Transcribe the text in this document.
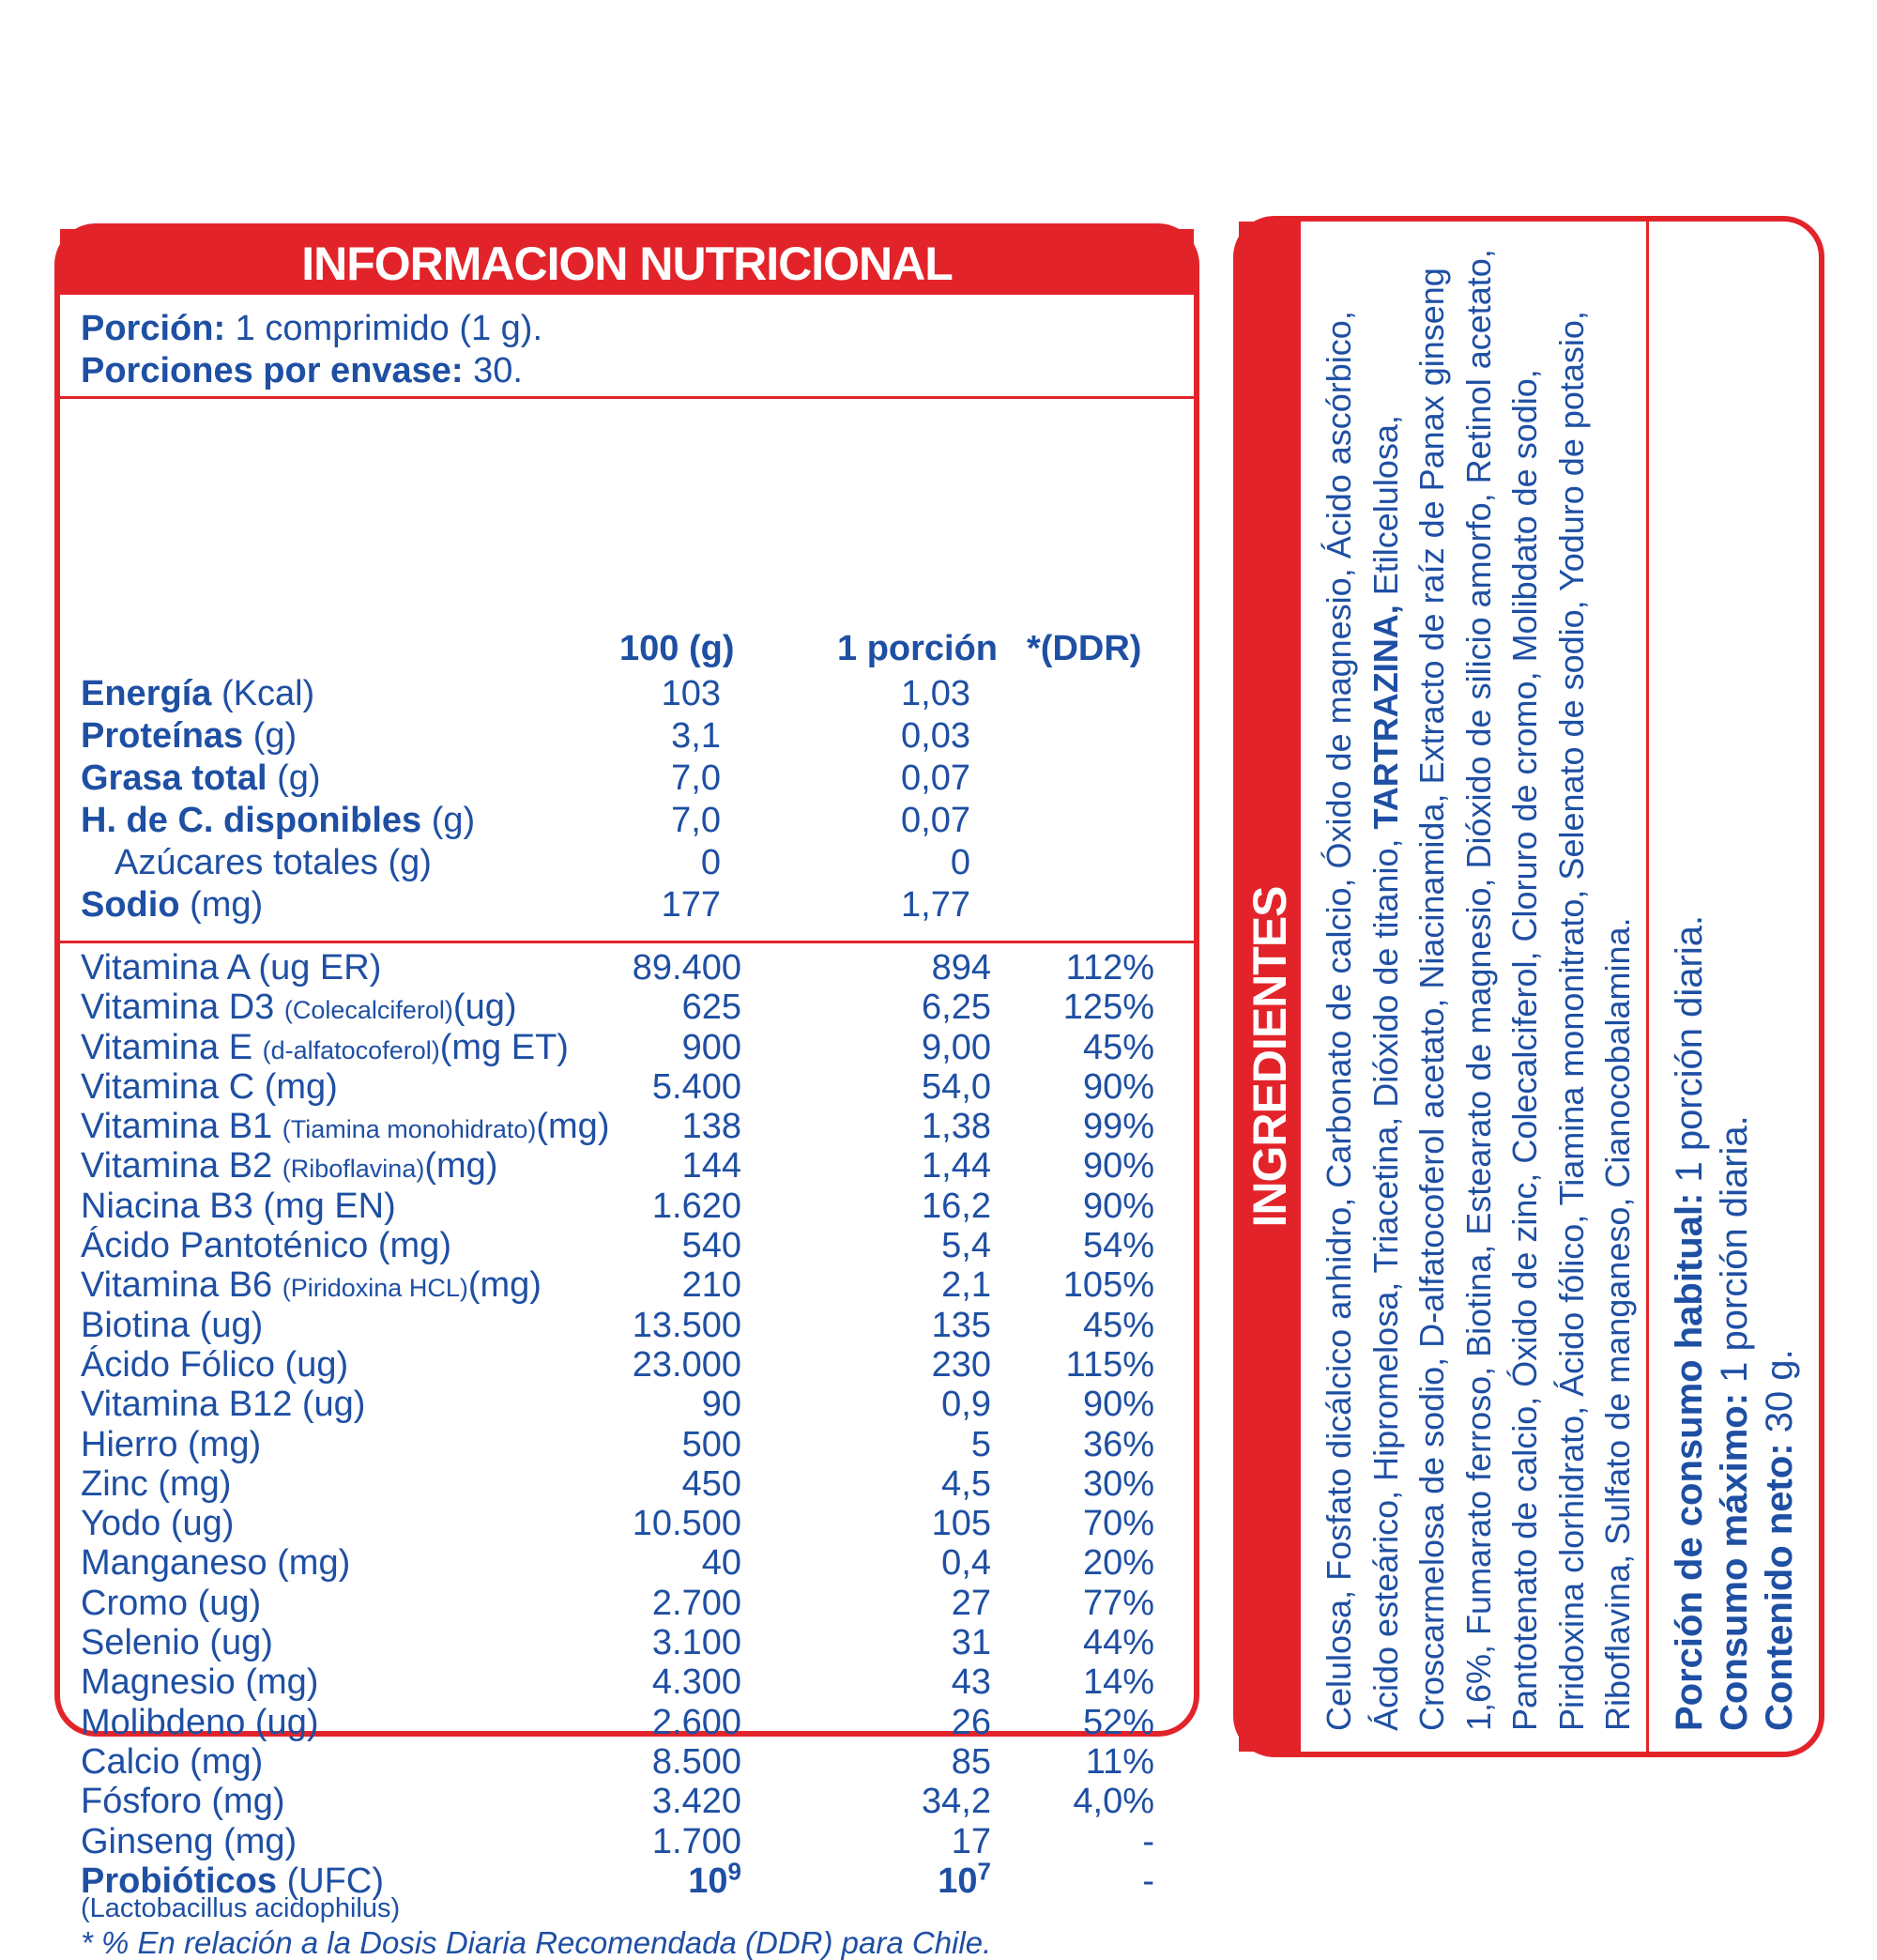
INFORMACION NUTRICIONAL
Porción: 1 comprimido (1 g).
Porciones por envase: 30.
100 (g)	1 porción *(DDR)
Energía (Kcal)	103	1,03
Proteínas (g)	3,1	0,03
Grasa total (g)	7,0	0,07
H. de C. disponibles (g)	7,0	0,07
Azúcares totales (g)	0	0
Sodio (mg)	177	1,77
Vitamina A (ug ER)	89.400	894 112%
Vitamina D3 (Colecalciferol)(ug)	625	6,25 125%
Vitamina E (d-alfatocoferol)(mg ET)	900	9,00	45%
Vitamina C (mg)	5.400	54,0	90%
Vitamina B1 (Tiamina monohidrato)(mg) 138	1,38	99%
Vitamina B2 (Riboflavina)(mg)	144	1,44	90%
Niacina B3 (mg EN)	1.620	16,2	90%
Ácido Pantoténico (mg)	540	5,4	54%
Vitamina B6 (Piridoxina HCL)(mg)	210	2,1 105%
Biotina (ug)	13.500	135	45%
Ácido Fólico (ug)	23.000	230 115%
Vitamina B12 (ug)	90	0,9	90%
Hierro (mg)	500	5	36%
Zinc (mg)	450	4,5	30%
Yodo (ug)	10.500	105	70%
Manganeso (mg)	40	0,4	20%
Cromo (ug)	2.700	27	77%
Selenio (ug)	3.100	31	44%
Magnesio (mg)	4.300	43	14%
Molibdeno (ug)	2.600	26	52%
Calcio (mg)	8.500	85	11%
Fósforo (mg)	3.420	34,2 4,0%
Ginseng (mg)	1.700	17	-
Probióticos (UFC)	$10^9$	$10^7$	-
(Lactobacillus acidophilus)
* % En relación a la Dosis Diaria Recomendada (DDR) para Chile.
INGREDIENTES Celulosa, Fosfato dicálcico anhidro, Carbonato de calcio, Óxido de magnesio, Ácido ascórbico, Ácido esteárico, Hipromelosa, Triacetina, Dióxido de titanio, TARTRAZINA, Etilcelulosa, Croscarmelosa de sodio, D-alfatocoferol acetato, Niacinamida, Extracto de raíz de Panax ginseng 1,6%, Fumarato ferroso, Biotina, Estearato de magnesio, Dióxido de silicio amorfo, Retinol acetato, Pantotenato de calcio, Óxido de zinc, Colecalciferol, Cloruro de cromo, Molibdato de sodio, Piridoxina clorhidrato, Ácido fólico, Tiamina mononitrato, Selenato de sodio, Yoduro de potasio, Riboflavina, Sulfato de manganeso, Cianocobalamina. Porción de consumo habitual: 1 porción diaria.
Consumo máximo: 1 porción diaria.
Contenido neto: 30 g.
